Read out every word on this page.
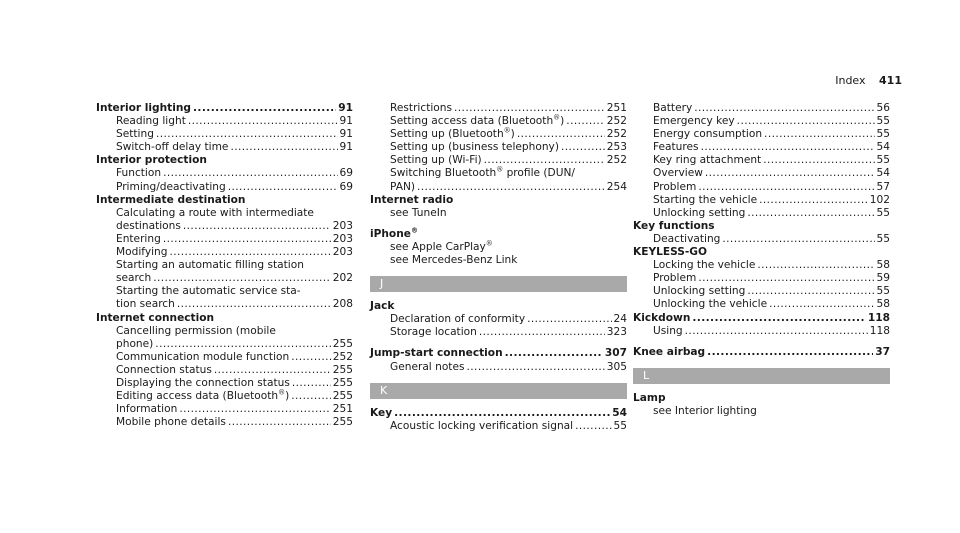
Index 411
Interior lighting .....	91
Reading light .....	91
Setting .....	91
Switch-off delay time .....	91
Interior protection
Function .....	69
Priming/deactivating .....	69
Intermediate destination
Calculating a route with intermediate
destinations .....	203
Entering .....	203
Modifying .....	203
Starting an automatic filling station
search .....	202
Starting the automatic service sta-
tion search .....	208
Internet connection
Cancelling permission (mobile
phone) .....	255
Communication module function .....	252
Connection status .....	255
Displaying the connection status .....	255
Editing access data (Bluetooth®) .....	255
Information .....	251
Mobile phone details .....	255
Restrictions .....	251
Setting access data (Bluetooth®) .....	252
Setting up (Bluetooth®) .....	252
Setting up (business telephony) .....	253
Setting up (Wi-Fi) .....	252
Switching Bluetooth® profile (DUN/
PAN) .....	254
Internet radio
see TuneIn
iPhone®
see Apple CarPlay®
see Mercedes-Benz Link
J
Jack
Declaration of conformity .....	24
Storage location .....	323
Jump-start connection .....	307
General notes .....	305
K
Key .....	54
Acoustic locking verification signal .....	55
Battery .....	56
Emergency key .....	55
Energy consumption .....	55
Features .....	54
Key ring attachment .....	55
Overview .....	54
Problem .....	57
Starting the vehicle .....	102
Unlocking setting .....	55
Key functions
Deactivating .....	55
KEYLESS-GO
Locking the vehicle .....	58
Problem .....	59
Unlocking setting .....	55
Unlocking the vehicle .....	58
Kickdown .....	118
Using .....	118
Knee airbag .....	37
L
Lamp
see Interior lighting
